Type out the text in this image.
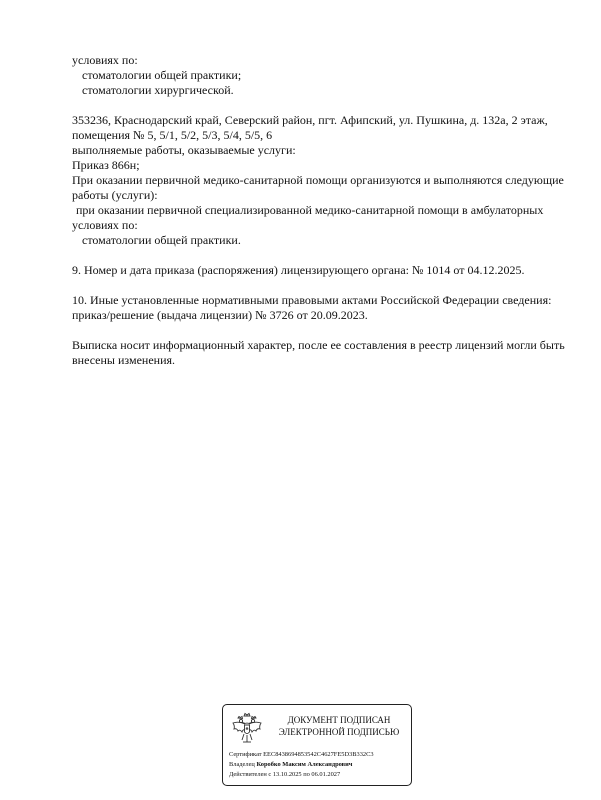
условиях по:
стоматологии общей практики;
стоматологии хирургической.
353236, Краснодарский край, Северский район, пгт. Афипский, ул. Пушкина, д. 132а, 2 этаж,
помещения № 5, 5/1, 5/2, 5/3, 5/4, 5/5, 6
выполняемые работы, оказываемые услуги:
Приказ 866н;
При оказании первичной медико-санитарной помощи организуются и выполняются следующие
работы (услуги):
при оказании первичной специализированной медико-санитарной помощи в амбулаторных
условиях по:
стоматологии общей практики.
9. Номер и дата приказа (распоряжения) лицензирующего органа: № 1014 от 04.12.2025.
10. Иные установленные нормативными правовыми актами Российской Федерации сведения:
приказ/решение (выдача лицензии) № 3726 от 20.09.2023.
Выписка носит информационный характер, после ее составления в реестр лицензий могли быть
внесены изменения.
ДОКУМЕНТ ПОДПИСАН
ЭЛЕКТРОННОЙ ПОДПИСЬЮ
Сертификат EEC8438694853542C4627FE5D3B332C3
Владелец Коробко Максим Александрович
Действителен с 13.10.2025 по 06.01.2027
